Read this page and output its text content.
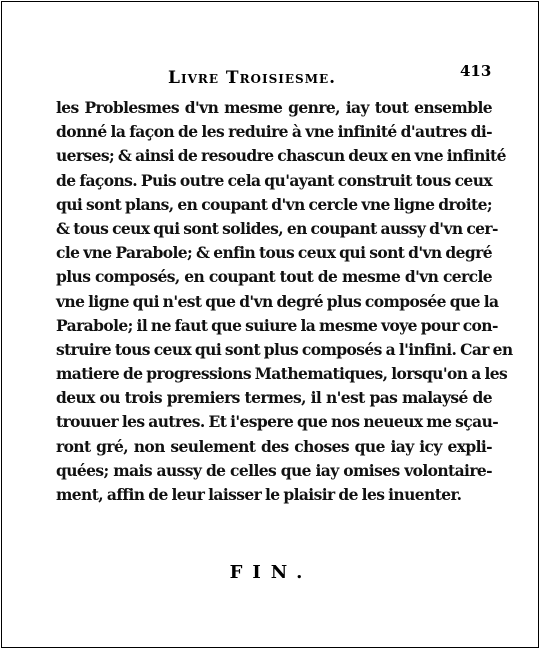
Livre Troisiesme.	413
les Problesmes d'vn mesme genre, iay tout ensemble
donné la façon de les reduire à vne infinité d'autres di-
uerses; & ainsi de resoudre chascun deux en vne infinité
de façons. Puis outre cela qu'ayant construit tous ceux
qui sont plans, en coupant d'vn cercle vne ligne droite;
& tous ceux qui sont solides, en coupant aussy d'vn cer-
cle vne Parabole; & enfin tous ceux qui sont d'vn degré
plus composés, en coupant tout de mesme d'vn cercle
vne ligne qui n'est que d'vn degré plus composée que la
Parabole; il ne faut que suiure la mesme voye pour con-
struire tous ceux qui sont plus composés a l'infini. Car en
matiere de progressions Mathematiques, lorsqu'on a les
deux ou trois premiers termes, il n'est pas malaysé de
trouuer les autres. Et i'espere que nos neueux me sçau-
ront gré, non seulement des choses que iay icy expli-
quées; mais aussy de celles que iay omises volontaire-
ment, affin de leur laisser le plaisir de les inuenter.
FIN.
